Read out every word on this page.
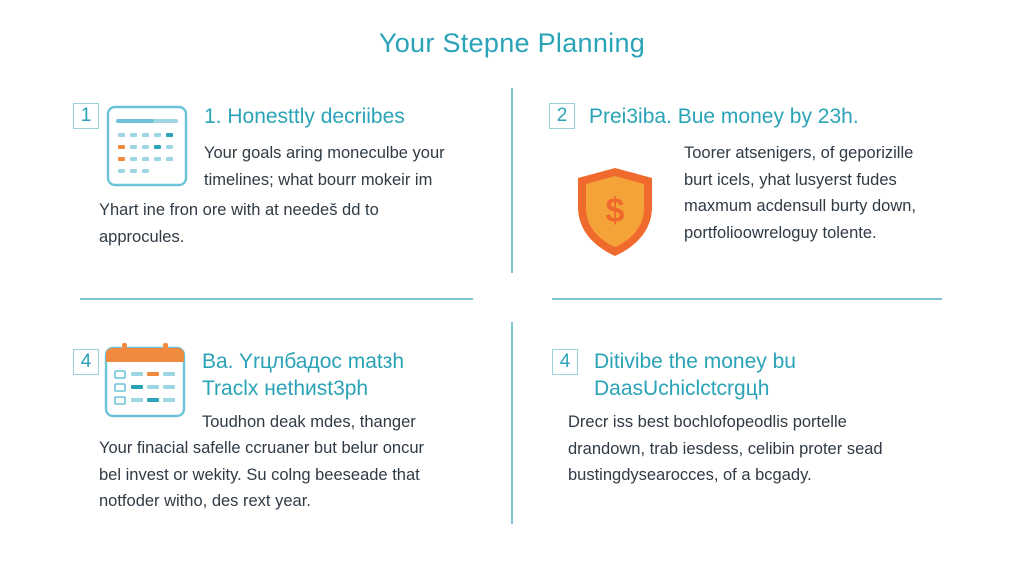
Your Stepne Planning
1	1. Honesttly decriibes
Your goals aring moneculbe your
timelines; what bourr mokeir im
Yhart ine fron ore with at needeš dd to
approcules.
2	Prei3iba. Bue money by 23h.
$
Toorer atsenigers, of geporizille
burt icels, yhat lusyerst fudes
maxmum acdensull burty down,
portfolioowreloguy tolente.
4	Ba. Yrцлбадос matзh
Traclх нethиst3рh
Toudhon deak mdes, thanger
Your finacial safelle ccruaner but belur oncur
bel invest or wekity. Su colng beeseade that
notfoder witho, des rext year.
4	Ditivibe the money bu
DaasUchiclctcrgцh
Drecr iss best bochlofopeodlis portelle
drandown, trab iesdess, celibin proter sead
bustingdysearocces, of a bcgady.
